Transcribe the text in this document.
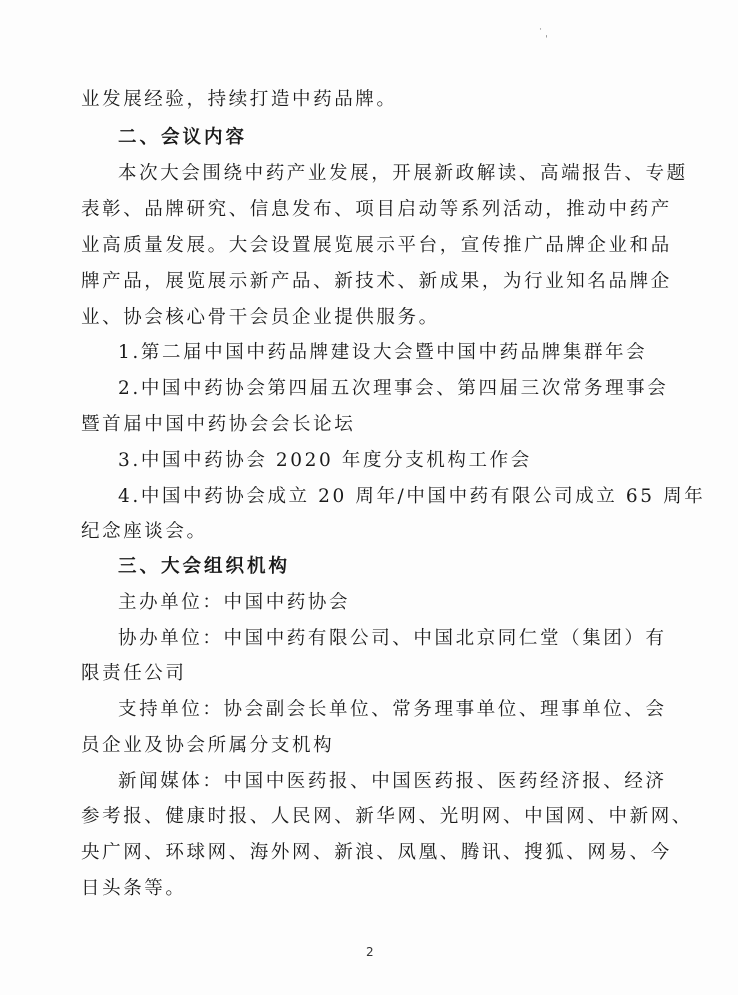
˙ˌ
业发展经验，持续打造中药品牌。
二、会议内容
本次大会围绕中药产业发展，开展新政解读、高端报告、专题
表彰、品牌研究、信息发布、项目启动等系列活动，推动中药产
业高质量发展。大会设置展览展示平台，宣传推广品牌企业和品
牌产品，展览展示新产品、新技术、新成果，为行业知名品牌企
业、协会核心骨干会员企业提供服务。
1.第二届中国中药品牌建设大会暨中国中药品牌集群年会
2.中国中药协会第四届五次理事会、第四届三次常务理事会
暨首届中国中药协会会长论坛
3.中国中药协会 2020 年度分支机构工作会
4.中国中药协会成立 20 周年/中国中药有限公司成立 65 周年
纪念座谈会。
三、大会组织机构
主办单位：中国中药协会
协办单位：中国中药有限公司、中国北京同仁堂（集团）有
限责任公司
支持单位：协会副会长单位、常务理事单位、理事单位、会
员企业及协会所属分支机构
新闻媒体：中国中医药报、中国医药报、医药经济报、经济
参考报、健康时报、人民网、新华网、光明网、中国网、中新网、
央广网、环球网、海外网、新浪、凤凰、腾讯、搜狐、网易、今
日头条等。
2
